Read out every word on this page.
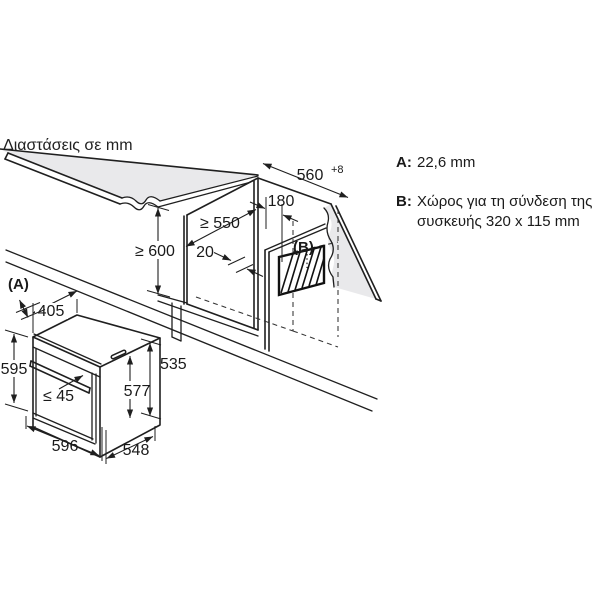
(B)
560 +8
180
≥ 550
≥ 600 20
405
(A)
595
≤ 45	577
535
596	548
Διαστάσεις σε mm
A: 22,6 mm
B: Χώρος για τη σύνδεση της
συσκευής 320 x 115 mm
